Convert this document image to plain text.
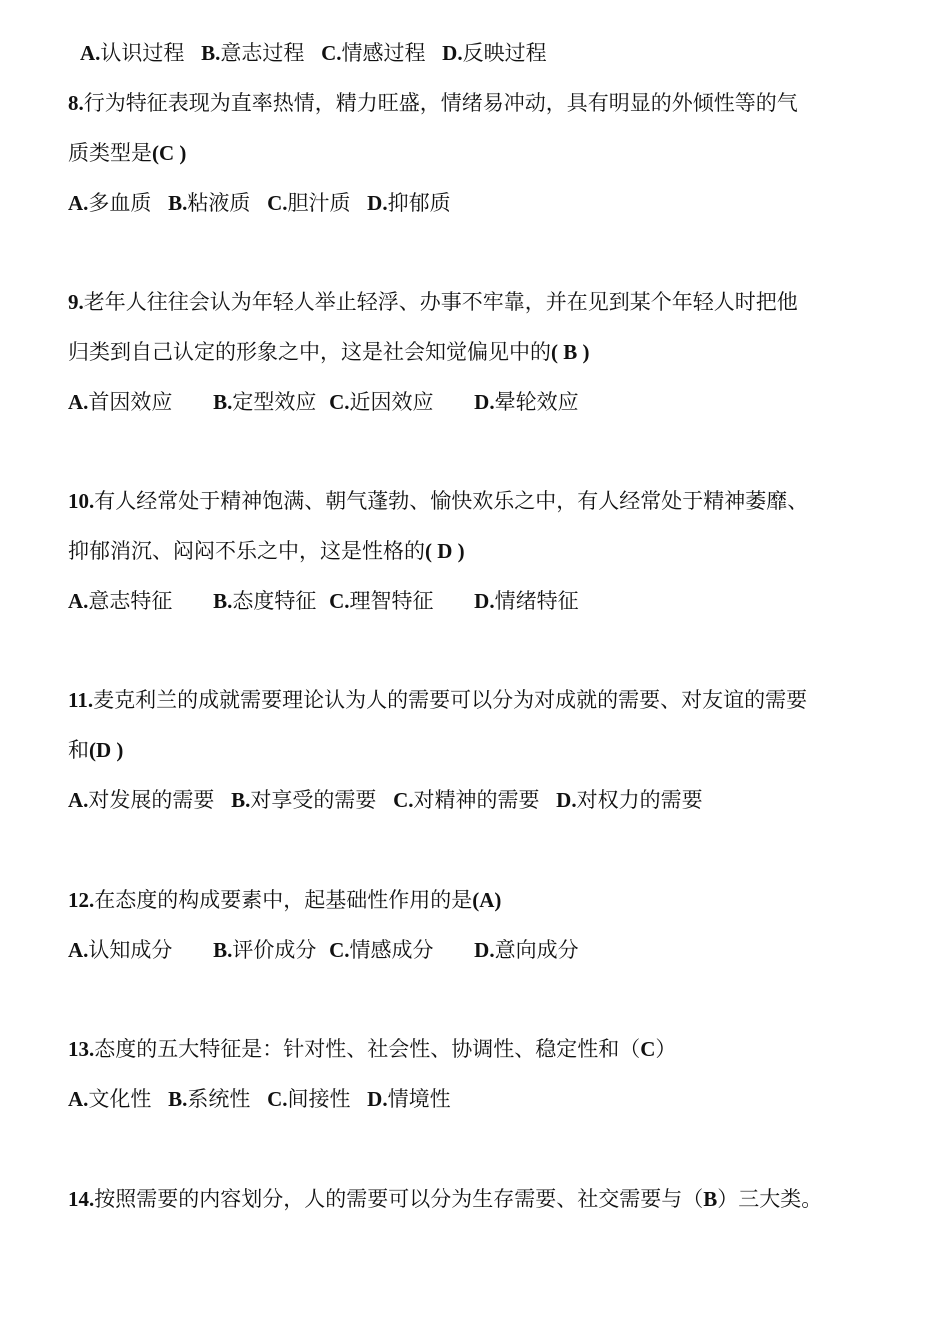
A.认识过程 B.意志过程 C.情感过程 D.反映过程
8.行为特征表现为直率热情，精力旺盛，情绪易冲动，具有明显的外倾性等的气
质类型是(C )
A.多血质 B.粘液质 C.胆汁质 D.抑郁质
9.老年人往往会认为年轻人举止轻浮、办事不牢靠，并在见到某个年轻人时把他
归类到自己认定的形象之中，这是社会知觉偏见中的( B )
A.首因效应 B.定型效应 C.近因效应 D.晕轮效应
10.有人经常处于精神饱满、朝气蓬勃、愉快欢乐之中，有人经常处于精神萎靡、
抑郁消沉、闷闷不乐之中，这是性格的( D )
A.意志特征 B.态度特征 C.理智特征 D.情绪特征
11.麦克利兰的成就需要理论认为人的需要可以分为对成就的需要、对友谊的需要
和(D )
A.对发展的需要 B.对享受的需要 C.对精神的需要 D.对权力的需要
12.在态度的构成要素中，起基础性作用的是(A)
A.认知成分 B.评价成分 C.情感成分 D.意向成分
13.态度的五大特征是：针对性、社会性、协调性、稳定性和（C）
A.文化性 B.系统性 C.间接性 D.情境性
14.按照需要的内容划分，人的需要可以分为生存需要、社交需要与（B）三大类。
